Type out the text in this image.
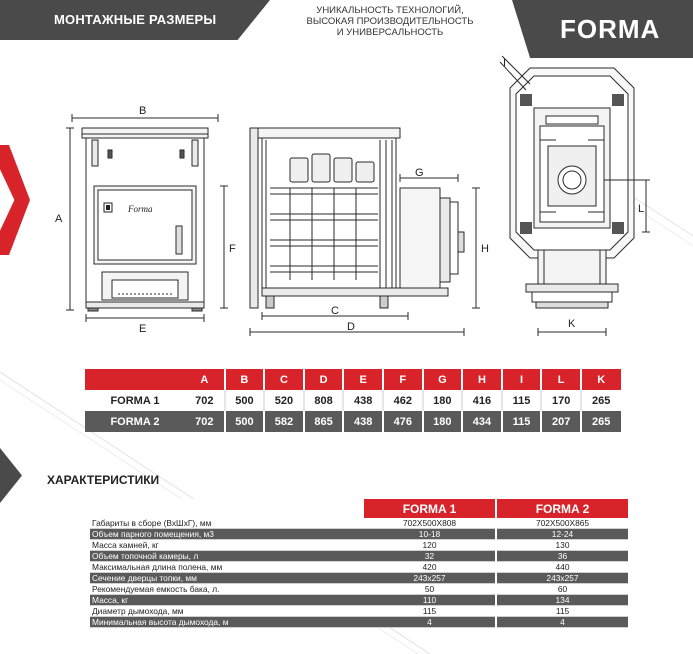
МОНТАЖНЫЕ РАЗМЕРЫ
УНИКАЛЬНОСТЬ ТЕХНОЛОГИЙ,
ВЫСОКАЯ ПРОИЗВОДИТЕЛЬНОСТЬ
И УНИВЕРСАЛЬНОСТЬ	FORMA
B
A
F
E
G
H
C
D
I
L
K
Forma
	A	B	C	D	E	F	G	H	I	L	K
FORMA 1	702	500	520	808	438	462	180	416	115	170	265
FORMA 2	702	500	582	865	438	476	180	434	115	207	265
ХАРАКТЕРИСТИКИ
	FORMA 1	FORMA 2
Габариты в сборе (ВхШхГ), мм	702X500X808	702X500X865
Объем парного помещения, м3	10-18	12-24
Масса камней, кг	120	130
Объем топочной камеры, л	32	36
Максимальная длина полена, мм	420	440
Сечение дверцы топки, мм	243x257	243x257
Рекомендуемая емкость бака, л.	50	60
Масса, кг	110	134
Диаметр дымохода, мм	115	115
Минимальная высота дымохода, м	4	4
